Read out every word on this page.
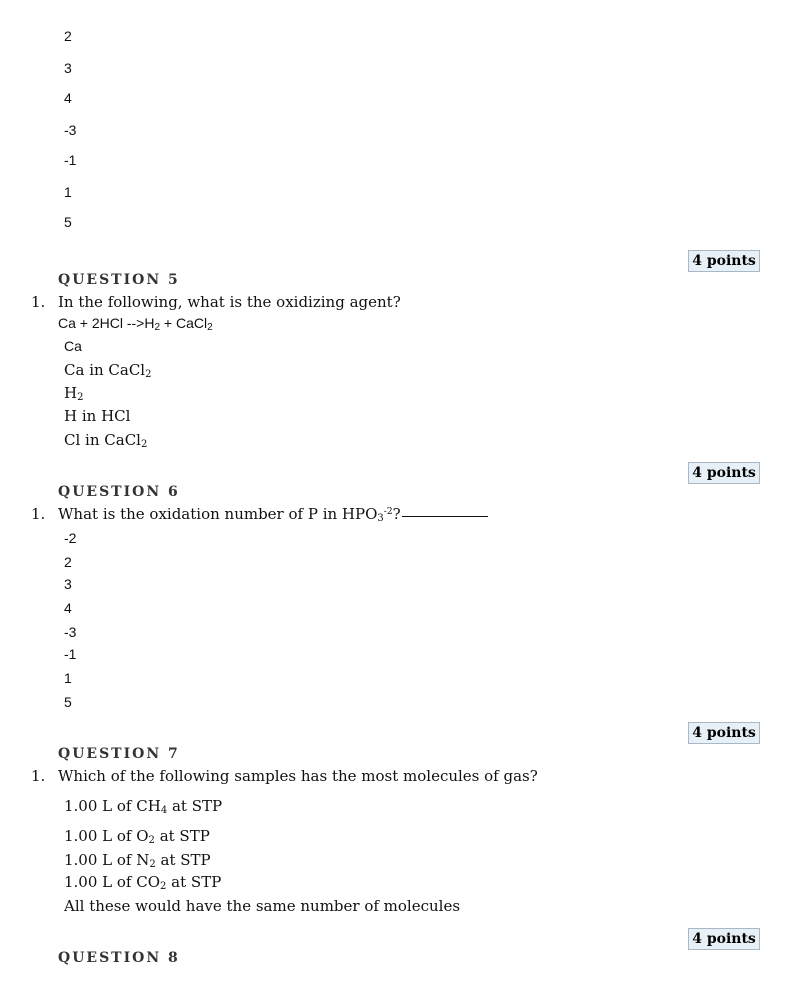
2
3
4
-3
-1
1
5
4 points
QUESTION 5
1. In the following, what is the oxidizing agent?
Ca + 2HCl $-->H_2$ + CaCl$_2$
Ca
Ca in CaCl$_2$
$H_2$
H in HCl
Cl in CaCl$_2$
4 points
QUESTION 6
1. What is the oxidation number of P in $HPO_3^{-2}$?
-2
2
3
4
-3
-1
1
5
4 points
QUESTION 7
1. Which of the following samples has the most molecules of gas?
1.00 L of $CH_4$ at STP
1.00 L of $O_2$ at STP
1.00 L of $N_2$ at STP
1.00 L of $CO_2$ at STP
All these would have the same number of molecules
4 points
QUESTION 8
